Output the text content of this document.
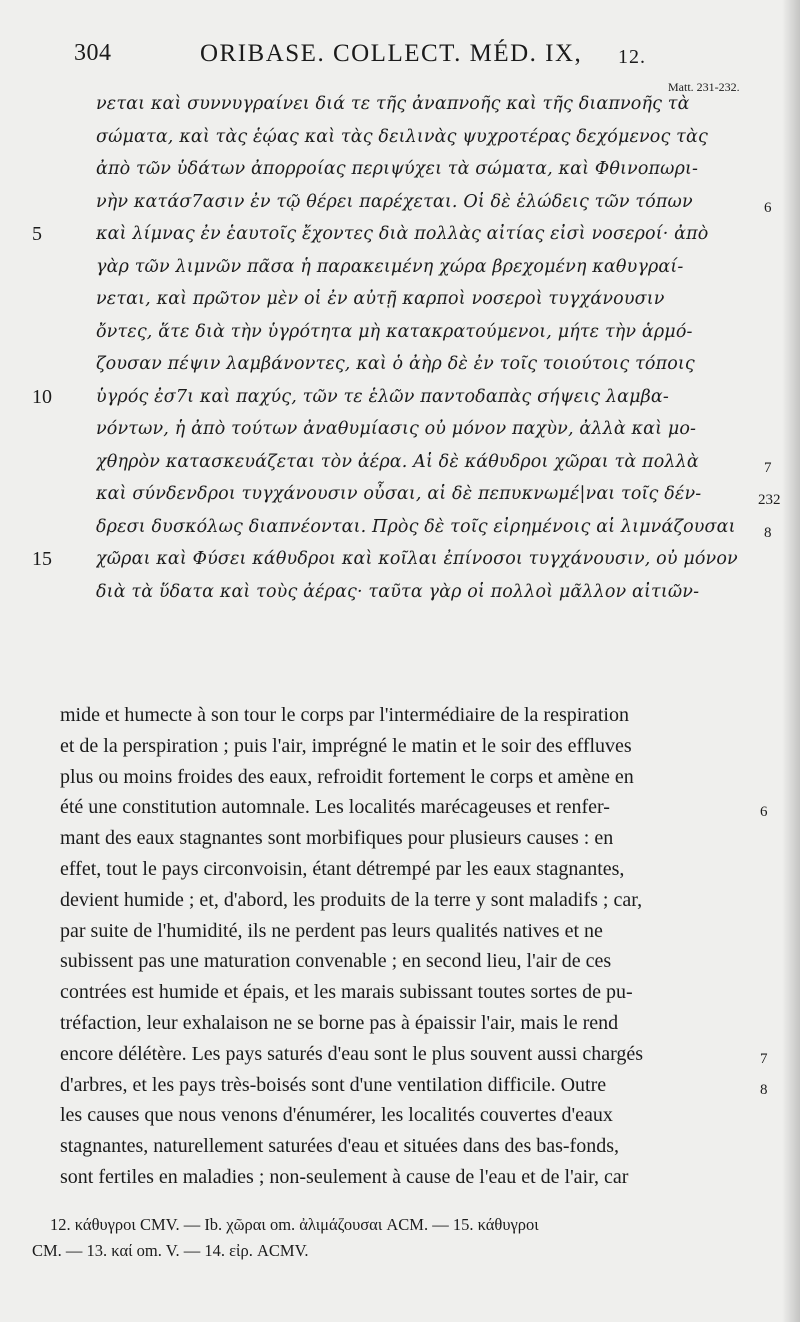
304	ORIBASE. COLLECT. MÉD. IX, 12.
Matt. 231-232.
νεται καὶ συννυγραίνει διά τε τῆς ἀναπνοῆς καὶ τῆς διαπνοῆς τὰ
σώματα, καὶ τὰς ἑῴας καὶ τὰς δειλινὰς ψυχροτέρας δεχόμενος τὰς
ἀπὸ τῶν ὑδάτων ἀπορροίας περιψύχει τὰ σώματα, καὶ Φθινοπωρι-
νὴν κατάσ7ασιν ἐν τῷ θέρει παρέχεται. Οἱ δὲ ἑλώδεις τῶν τόπων
καὶ λίμνας ἐν ἑαυτοῖς ἔχοντες διὰ πολλὰς αἰτίας εἰσὶ νοσεροί· ἀπὸ
γὰρ τῶν λιμνῶν πᾶσα ἡ παρακειμένη χώρα βρεχομένη καθυγραί-
νεται, καὶ πρῶτον μὲν οἱ ἐν αὐτῇ καρποὶ νοσεροὶ τυγχάνουσιν
ὄντες, ἅτε διὰ τὴν ὑγρότητα μὴ κατακρατούμενοι, μήτε τὴν ἁρμό-
ζουσαν πέψιν λαμβάνοντες, καὶ ὁ ἀὴρ δὲ ἐν τοῖς τοιούτοις τόποις
ὑγρός ἐσ7ι καὶ παχύς, τῶν τε ἑλῶν παντοδαπὰς σήψεις λαμβα-
νόντων, ἡ ἀπὸ τούτων ἀναθυμίασις οὐ μόνον παχὺν, ἀλλὰ καὶ μο-
χθηρὸν κατασκευάζεται τὸν ἀέρα. Αἱ δὲ κάθυδροι χῶραι τὰ πολλὰ
καὶ σύνδενδροι τυγχάνουσιν οὖσαι, αἱ δὲ πεπυκνωμέ|ναι τοῖς δέν-
δρεσι δυσκόλως διαπνέονται. Πρὸς δὲ τοῖς εἰρημένοις αἱ λιμνάζουσαι
χῶραι καὶ Φύσει κάθυδροι καὶ κοῖλαι ἐπίνοσοι τυγχάνουσιν, οὐ μόνον
διὰ τὰ ὕδατα καὶ τοὺς ἀέρας· ταῦτα γὰρ οἱ πολλοὶ μᾶλλον αἰτιῶν-
5
10
15
6
7
232
8
mide et humecte à son tour le corps par l'intermédiaire de la respiration
et de la perspiration ; puis l'air, imprégné le matin et le soir des effluves
plus ou moins froides des eaux, refroidit fortement le corps et amène en
été une constitution automnale. Les localités marécageuses et renfer-
mant des eaux stagnantes sont morbifiques pour plusieurs causes : en
effet, tout le pays circonvoisin, étant détrempé par les eaux stagnantes,
devient humide ; et, d'abord, les produits de la terre y sont maladifs ; car,
par suite de l'humidité, ils ne perdent pas leurs qualités natives et ne
subissent pas une maturation convenable ; en second lieu, l'air de ces
contrées est humide et épais, et les marais subissant toutes sortes de pu-
tréfaction, leur exhalaison ne se borne pas à épaissir l'air, mais le rend
encore délétère. Les pays saturés d'eau sont le plus souvent aussi chargés
d'arbres, et les pays très-boisés sont d'une ventilation difficile. Outre
les causes que nous venons d'énumérer, les localités couvertes d'eaux
stagnantes, naturellement saturées d'eau et situées dans des bas-fonds,
sont fertiles en maladies ; non-seulement à cause de l'eau et de l'air, car
6
7
8
12. κάθυγροι CMV. — Ib. χῶραι om. ἀλιμάζουσαι ACM. — 15. κάθυγροι
CM. — 13. καί om. V. — 14. εἰρ. ACMV.
